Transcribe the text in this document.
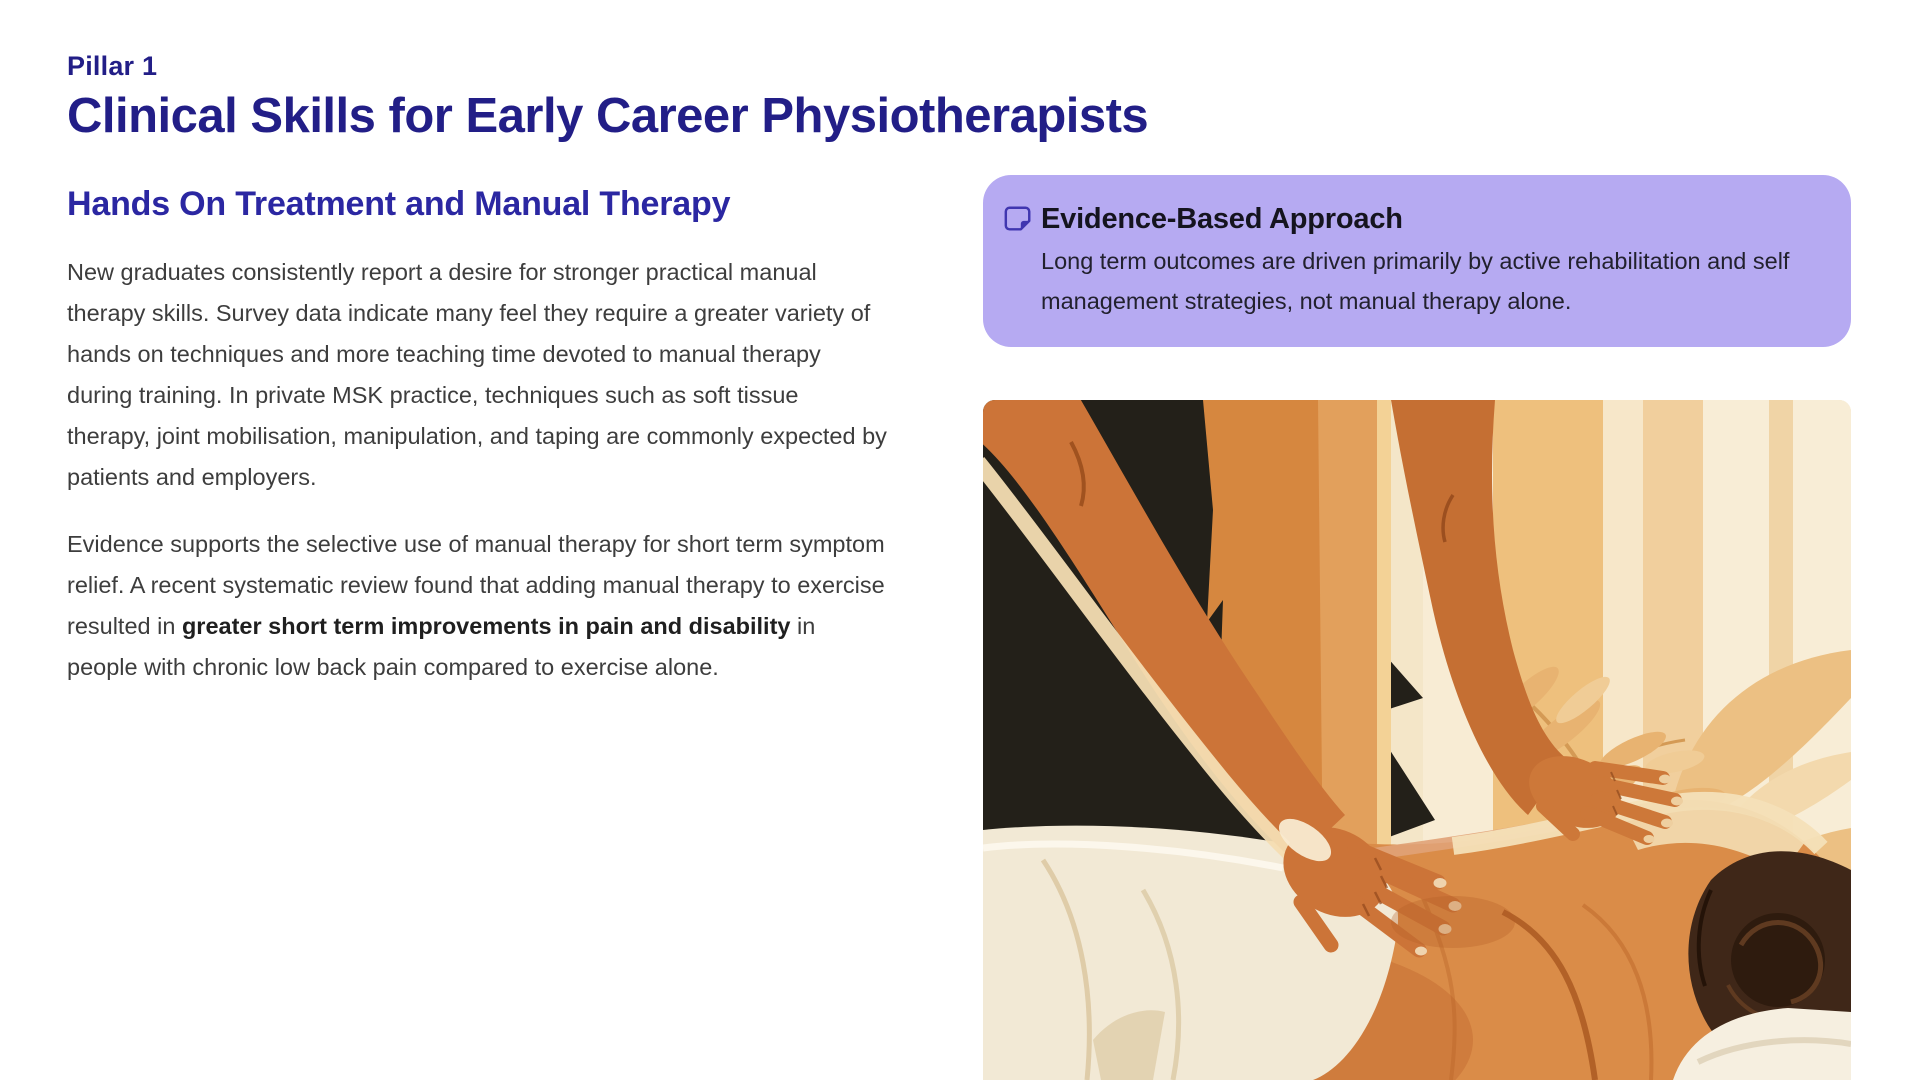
Pillar 1
Clinical Skills for Early Career Physiotherapists
Hands On Treatment and Manual Therapy

New graduates consistently report a desire for stronger practical manual therapy skills. Survey data indicate many feel they require a greater variety of hands on techniques and more teaching time devoted to manual therapy during training. In private MSK practice, techniques such as soft tissue therapy, joint mobilisation, manipulation, and taping are commonly expected by patients and employers.

Evidence supports the selective use of manual therapy for short term symptom relief. A recent systematic review found that adding manual therapy to exercise resulted in greater short term improvements in pain and disability in people with chronic low back pain compared to exercise alone.

Evidence-Based Approach

Long term outcomes are driven primarily by active rehabilitation and self management strategies, not manual therapy alone.
